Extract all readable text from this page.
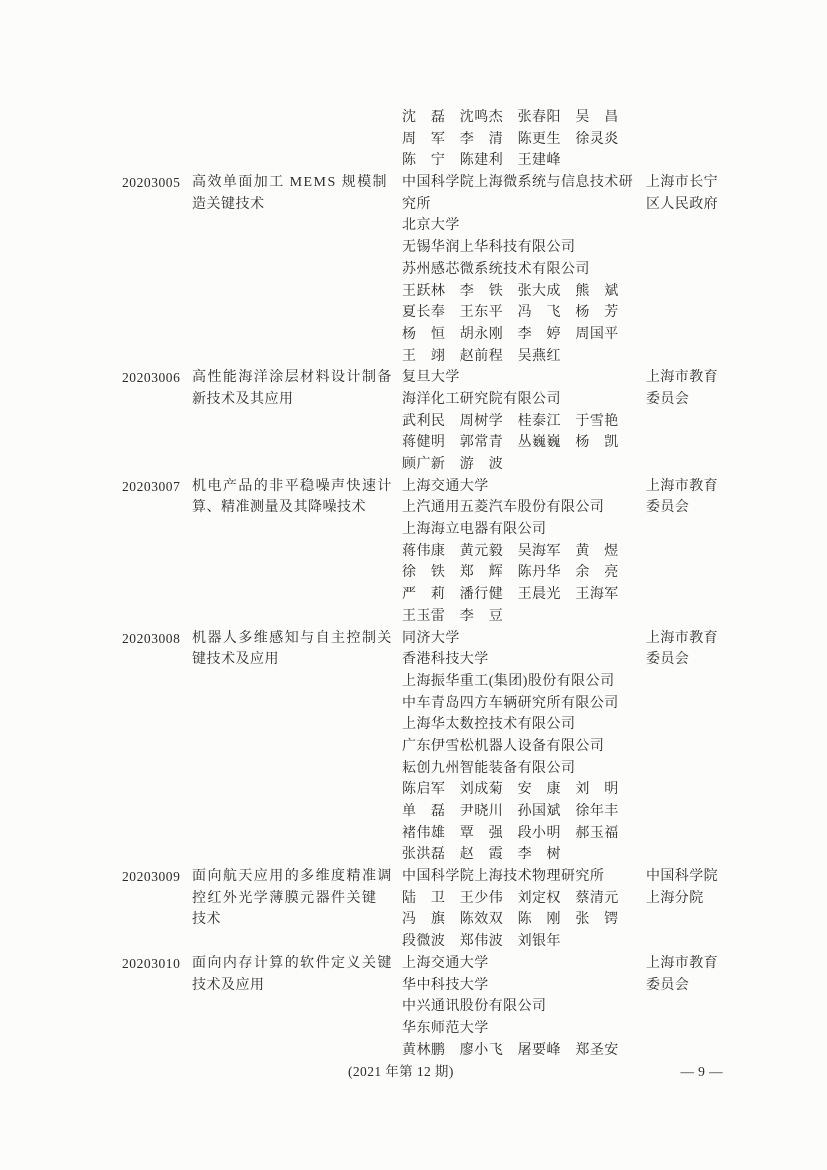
沈　磊　沈鸣杰　张春阳　吴　昌
周　军　李　清　陈更生　徐灵炎
陈　宁　陈建利　王建峰
20203005 高效单面加工 MEMS 规模制
造关键技术
中国科学院上海微系统与信息技术研
究所
北京大学
无锡华润上华科技有限公司
苏州感芯微系统技术有限公司
王跃林　李　铁　张大成　熊　斌
夏长奉　王东平　冯　飞　杨　芳
杨　恒　胡永刚　李　婷　周国平
王　翊　赵前程　吴燕红
上海市长宁
区人民政府
20203006 高性能海洋涂层材料设计制备
新技术及其应用
复旦大学
海洋化工研究院有限公司
武利民　周树学　桂泰江　于雪艳
蒋健明　郭常青　丛巍巍　杨　凯
顾广新　游　波
上海市教育
委员会
20203007 机电产品的非平稳噪声快速计
算、精准测量及其降噪技术
上海交通大学
上汽通用五菱汽车股份有限公司
上海海立电器有限公司
蒋伟康　黄元毅　吴海军　黄　煜
徐　铁　郑　辉　陈丹华　余　亮
严　莉　潘行健　王晨光　王海军
王玉雷　李　豆
上海市教育
委员会
20203008 机器人多维感知与自主控制关
键技术及应用
同济大学
香港科技大学
上海振华重工(集团)股份有限公司
中车青岛四方车辆研究所有限公司
上海华太数控技术有限公司
广东伊雪松机器人设备有限公司
耘创九州智能装备有限公司
陈启军　刘成菊　安　康　刘　明
单　磊　尹晓川　孙国斌　徐年丰
褚伟雄　覃　强　段小明　郝玉福
张洪磊　赵　霞　李　树
上海市教育
委员会
20203009 面向航天应用的多维度精准调
控红外光学薄膜元器件关键
技术
中国科学院上海技术物理研究所
陆　卫　王少伟　刘定权　蔡清元
冯　旗　陈效双　陈　刚　张　锷
段微波　郑伟波　刘银年
中国科学院
上海分院
20203010 面向内存计算的软件定义关键
技术及应用
上海交通大学
华中科技大学
中兴通讯股份有限公司
华东师范大学
黄林鹏　廖小飞　屠要峰　郑圣安
上海市教育
委员会
(2021 年第 12 期)	— 9 —
